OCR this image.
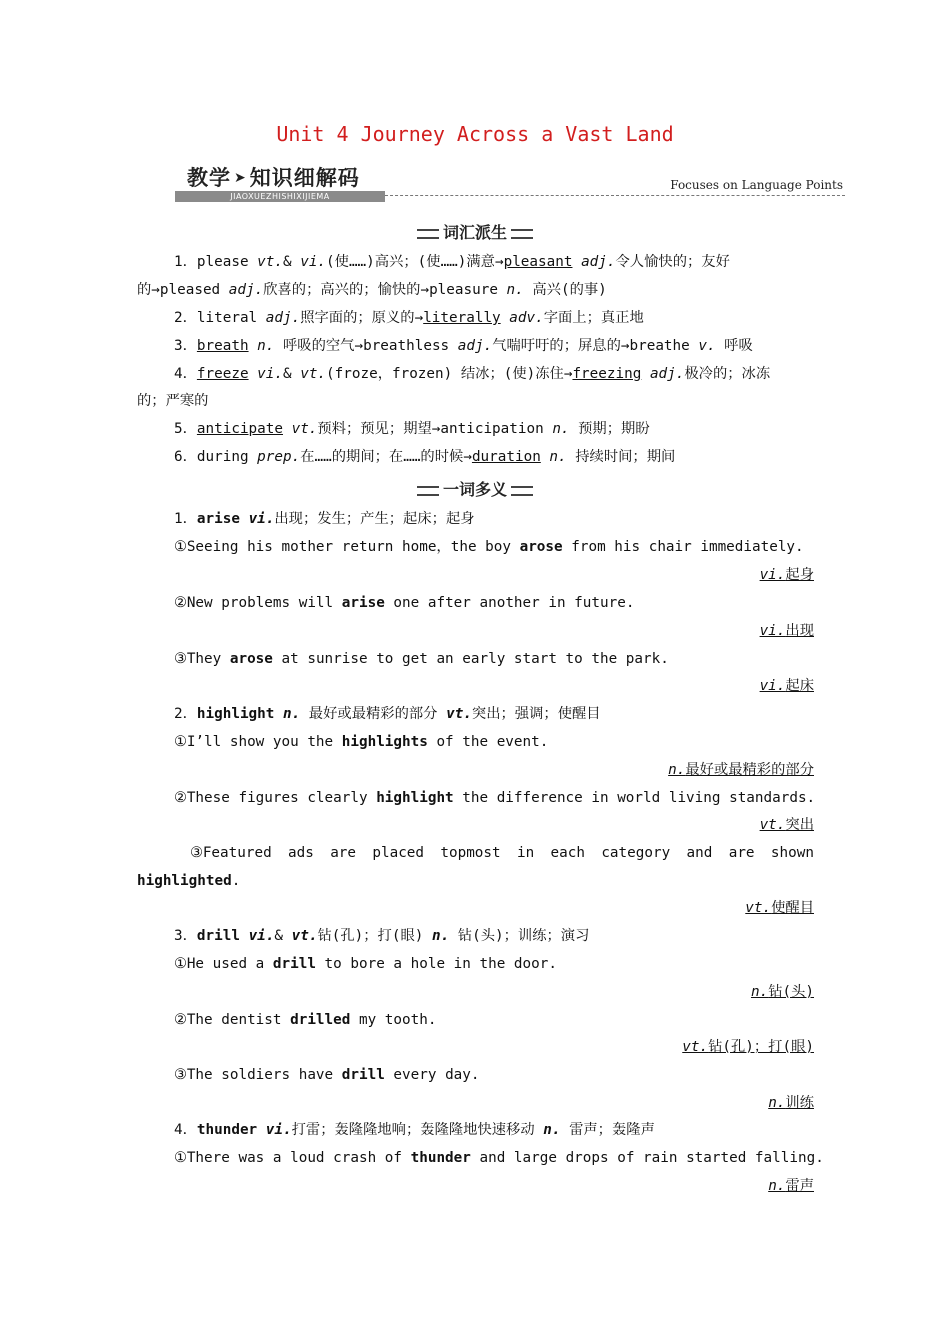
Unit 4 Journey Across a Vast Land
教学 ➤ 知识细解码
JIAOXUEZHISHIXIJIEMA
Focuses on Language Points
词汇派生
1．please vt.& vi.(使……)高兴；(使……)满意→pleasant adj.令人愉快的；友好
的→pleased adj.欣喜的；高兴的；愉快的→pleasure n. 高兴(的事)
2．literal adj.照字面的；原义的→literally adv.字面上；真正地
3．breath n. 呼吸的空气→breathless adj.气喘吁吁的；屏息的→breathe v. 呼吸
4．freeze vi.& vt.(froze，frozen) 结冰；(使)冻住→freezing adj.极冷的；冰冻
的；严寒的
5．anticipate vt.预料；预见；期望→anticipation n. 预期；期盼
6．during prep.在……的期间；在……的时候→duration n. 持续时间；期间
一词多义
1．arise vi.出现；发生；产生；起床；起身
①Seeing his mother return home，the boy arose from his chair immediately.
vi.起身
②New problems will arise one after another in future.
vi.出现
③They arose at sunrise to get an early start to the park.
vi.起床
2．highlight n. 最好或最精彩的部分 vt.突出；强调；使醒目
①I’ll show you the highlights of the event.
n.最好或最精彩的部分
②These figures clearly highlight the difference in world living standards.
vt.突出
③Featured ads are placed topmost in each category and are shown
highlighted.
vt.使醒目
3．drill vi.& vt.钻(孔)；打(眼) n. 钻(头)；训练；演习
①He used a drill to bore a hole in the door.
n.钻(头)
②The dentist drilled my tooth.
vt.钻(孔)；打(眼)
③The soldiers have drill every day.
n.训练
4．thunder vi.打雷；轰隆隆地响；轰隆隆地快速移动 n. 雷声；轰隆声
①There was a loud crash of thunder and large drops of rain started falling.
n.雷声
